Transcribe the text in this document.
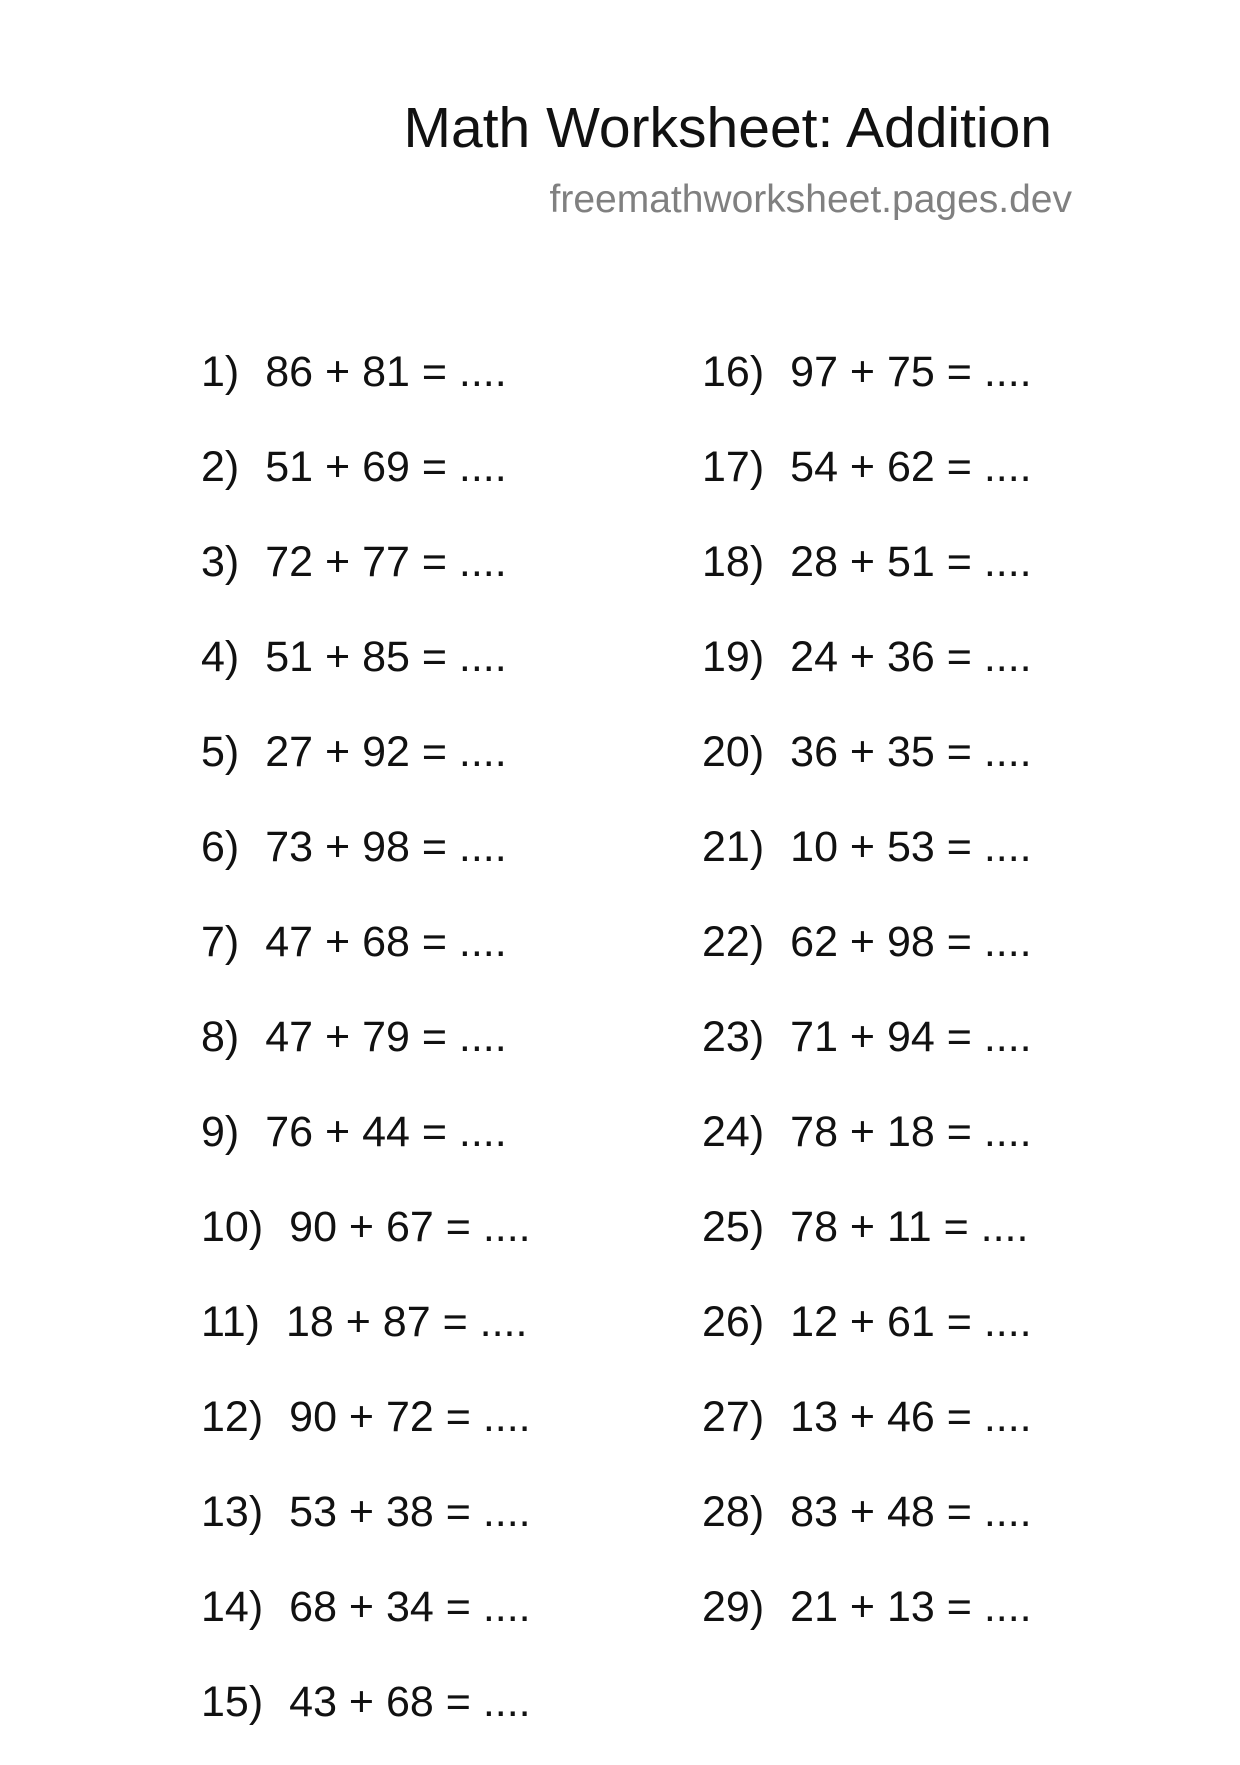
Math Worksheet: Addition
freemathworksheet.pages.dev
1) 86 + 81 = ....
2) 51 + 69 = ....
3) 72 + 77 = ....
4) 51 + 85 = ....
5) 27 + 92 = ....
6) 73 + 98 = ....
7) 47 + 68 = ....
8) 47 + 79 = ....
9) 76 + 44 = ....
10) 90 + 67 = ....
11) 18 + 87 = ....
12) 90 + 72 = ....
13) 53 + 38 = ....
14) 68 + 34 = ....
15) 43 + 68 = ....
16) 97 + 75 = ....
17) 54 + 62 = ....
18) 28 + 51 = ....
19) 24 + 36 = ....
20) 36 + 35 = ....
21) 10 + 53 = ....
22) 62 + 98 = ....
23) 71 + 94 = ....
24) 78 + 18 = ....
25) 78 + 11 = ....
26) 12 + 61 = ....
27) 13 + 46 = ....
28) 83 + 48 = ....
29) 21 + 13 = ....
